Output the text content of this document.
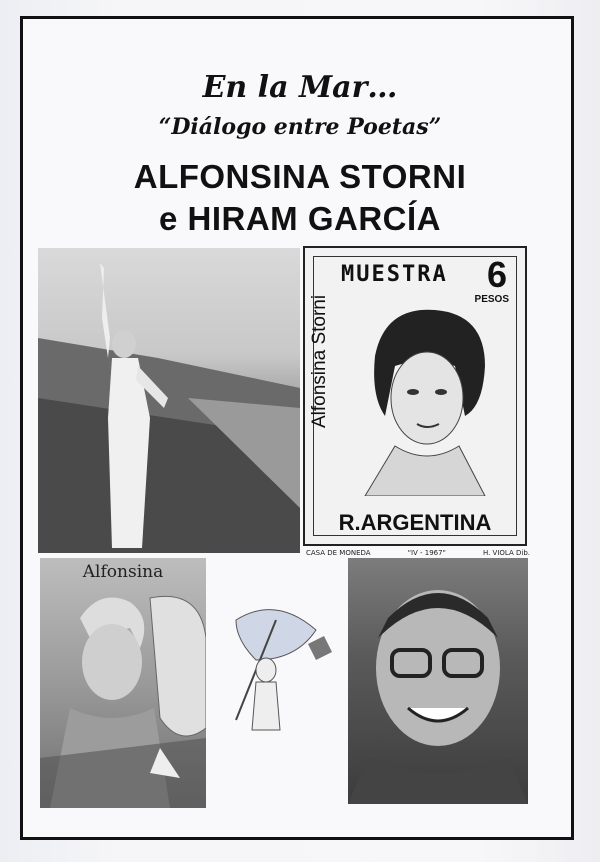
En la Mar…
“Diálogo entre Poetas”
ALFONSINA STORNI
e HIRAM GARCÍA
MUESTRA 6
PESOS
Alfonsina Storni
R.ARGENTINA
CASA DE MONEDA	"IV - 1967"	H. VIOLA Dib.
Alfonsina
